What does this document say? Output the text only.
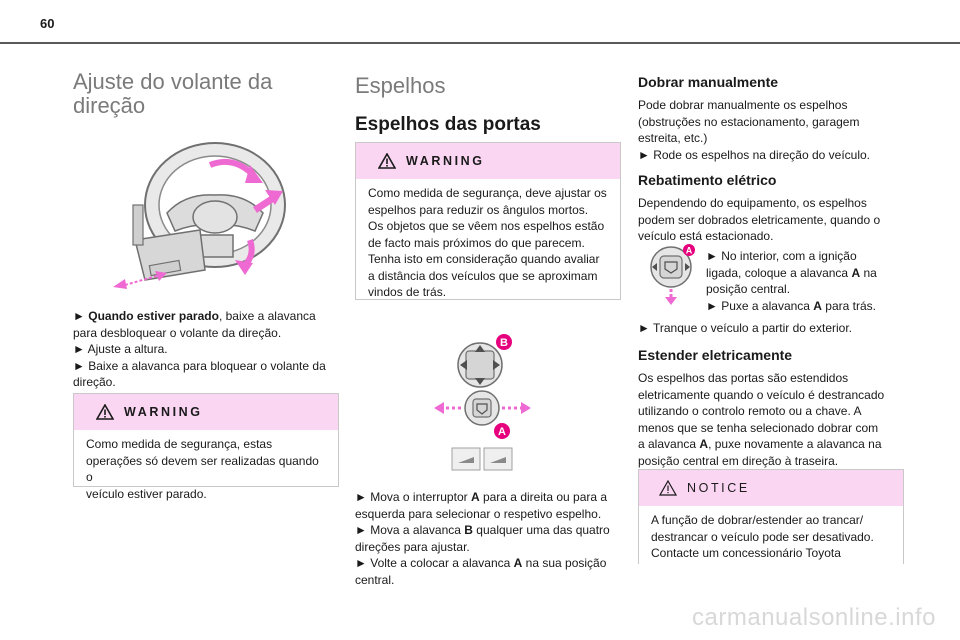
60
Ajuste do volante da
direção

► Quando estiver parado, baixe a alavanca

para desbloquear o volante da direção.

► Ajuste a altura.

► Baixe a alavanca para bloquear o volante da

direção.

WARNING

Como medida de segurança, estas

operações só devem ser realizadas quando o

veículo estiver parado.

Espelhos
Espelhos das portas
WARNING

Como medida de segurança, deve ajustar os

espelhos para reduzir os ângulos mortos.

Os objetos que se vêem nos espelhos estão

de facto mais próximos do que parecem.

Tenha isto em consideração quando avaliar

a distância dos veículos que se aproximam

vindos de trás.

B
A

► Mova o interruptor A para a direita ou para a

esquerda para selecionar o respetivo espelho.

► Mova a alavanca B qualquer uma das quatro

direções para ajustar.

► Volte a colocar a alavanca A na sua posição

central.

Dobrar manualmente

Pode dobrar manualmente os espelhos

(obstruções no estacionamento, garagem

estreita, etc.)

► Rode os espelhos na direção do veículo.

Rebatimento elétrico

Dependendo do equipamento, os espelhos

podem ser dobrados eletricamente, quando o

veículo está estacionado.

A ► No interior, com a ignição

ligada, coloque a alavanca A na

posição central.

► Puxe a alavanca A para trás.

► Tranque o veículo a partir do exterior.

Estender eletricamente

Os espelhos das portas são estendidos

eletricamente quando o veículo é destrancado

utilizando o controlo remoto ou a chave. A

menos que se tenha selecionado dobrar com

a alavanca A, puxe novamente a alavanca na

posição central em direção à traseira.

NOTICE

A função de dobrar/estender ao trancar/

destrancar o veículo pode ser desativado.

Contacte um concessionário Toyota

carmanualsonline.info
